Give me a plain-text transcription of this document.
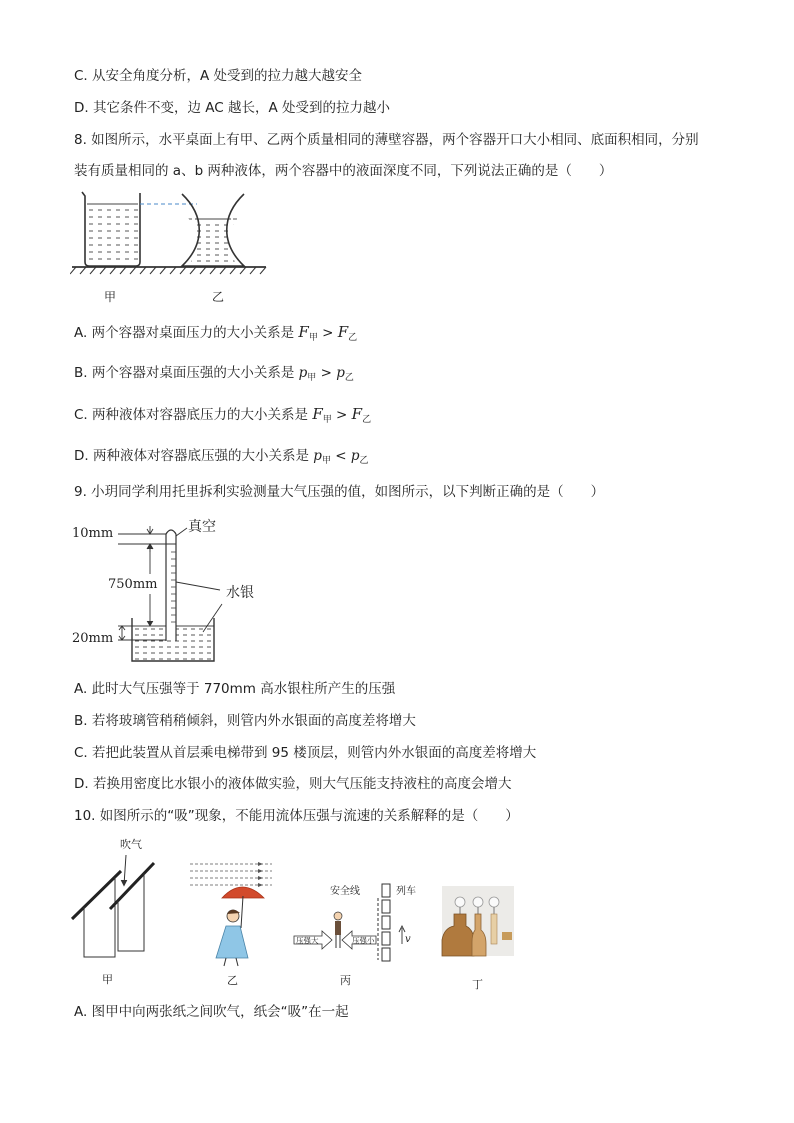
C. 从安全角度分析，A 处受到的拉力越大越安全
D. 其它条件不变，边 AC 越长，A 处受到的拉力越小
8. 如图所示，水平桌面上有甲、乙两个质量相同的薄壁容器，两个容器开口大小相同、底面积相同，分别
装有质量相同的 a、b 两种液体，两个容器中的液面深度不同，下列说法正确的是（　　）
甲	乙
A. 两个容器对桌面压力的大小关系是 $F_甲 > F_乙$
B. 两个容器对桌面压强的大小关系是 $p_甲 > p_乙$
C. 两种液体对容器底压力的大小关系是 $F_甲 > F_乙$
D. 两种液体对容器底压强的大小关系是 $p_甲 < p_乙$
9. 小玥同学利用托里拆利实验测量大气压强的值，如图所示，以下判断正确的是（　　）
10mm
750mm
20mm
真空
水银
A. 此时大气压强等于 770mm 高水银柱所产生的压强
B. 若将玻璃管稍稍倾斜，则管内外水银面的高度差将增大
C. 若把此装置从首层乘电梯带到 95 楼顶层，则管内外水银面的高度差将增大
D. 若换用密度比水银小的液体做实验，则大气压能支持液柱的高度会增大
10. 如图所示的“吸”现象，不能用流体压强与流速的关系解释的是（　　）
吹气
甲	乙
安全线	列车
v
压强大	压强小
丙	丁
A. 图甲中向两张纸之间吹气，纸会“吸”在一起
